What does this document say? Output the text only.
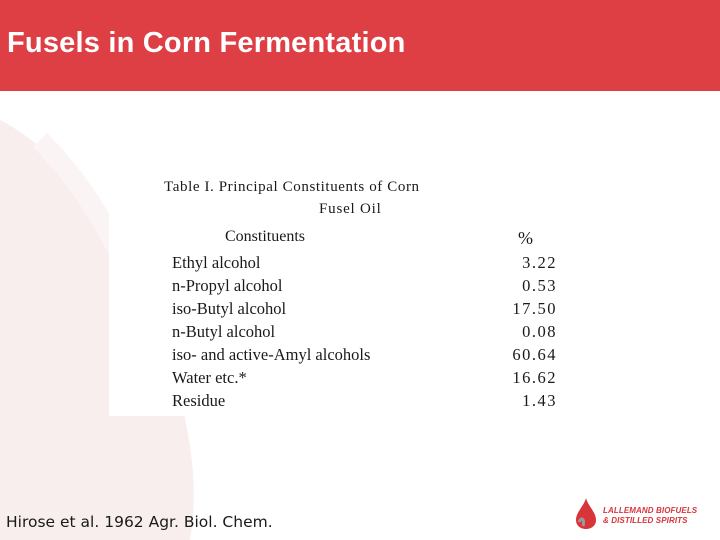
Fusels in Corn Fermentation
Table I. Principal Constituents of Corn
Fusel Oil
Constituents	%
Ethyl alcohol	3.22
n-Propyl alcohol	0.53
iso-Butyl alcohol	17.50
n-Butyl alcohol	0.08
iso- and active-Amyl alcohols	60.64
Water etc.*	16.62
Residue	1.43
Hirose et al. 1962 Agr. Biol. Chem.
LALLEMAND BIOFUELS
& DISTILLED SPIRITS
